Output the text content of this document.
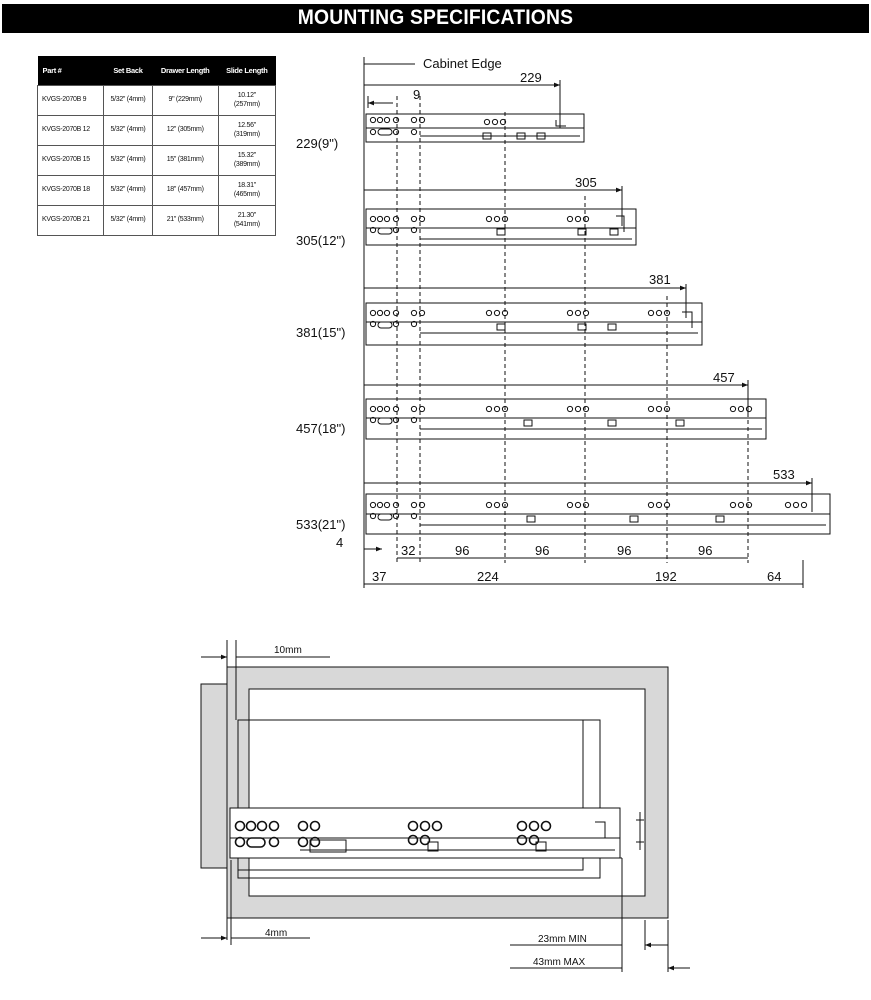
MOUNTING SPECIFICATIONS
Part #	Set Back	Drawer Length	Slide Length
KVGS-2070B 9	5/32" (4mm)	9" (229mm)	10.12"
(257mm)
KVGS-2070B 12	5/32" (4mm)	12" (305mm)	12.56"
(319mm)
KVGS-2070B 15	5/32" (4mm)	15" (381mm)	15.32"
(389mm)
KVGS-2070B 18	5/32" (4mm)	18" (457mm)	18.31"
(465mm)
KVGS-2070B 21	5/32" (4mm)	21" (533mm)	21.30"
(541mm)
Cabinet Edge
9
229
305
381
457
533
229(9")
305(12")
381(15")
457(18")
533(21")
4
32	96	96	96	96
37	224	192	64
10mm
4mm
23mm MIN
43mm MAX
